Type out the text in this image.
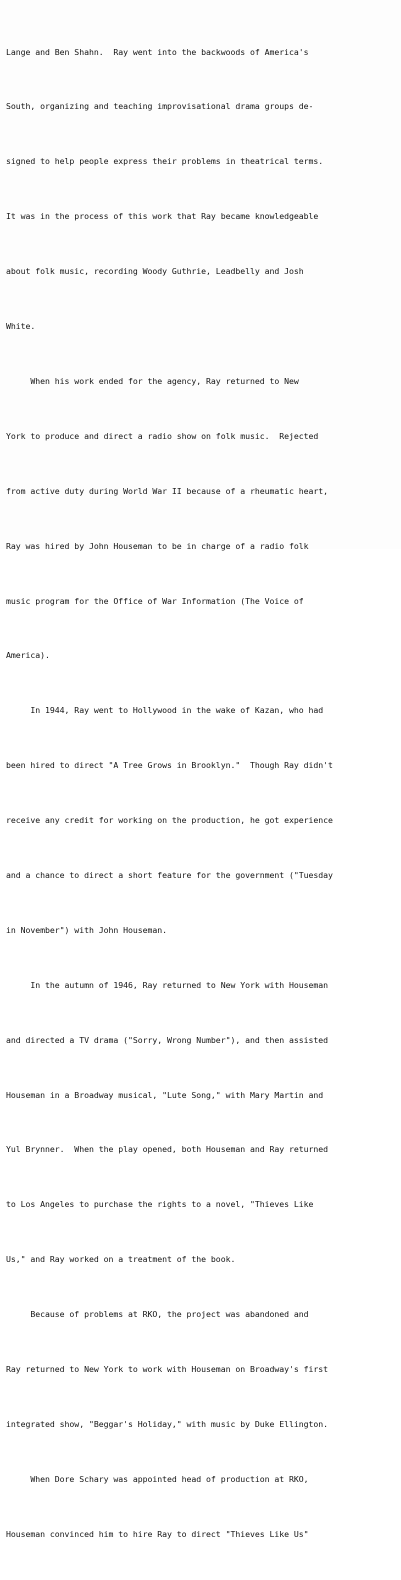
Lange and Ben Shahn.  Ray went into the backwoods of America's

South, organizing and teaching improvisational drama groups de-

signed to help people express their problems in theatrical terms.

It was in the process of this work that Ray became knowledgeable

about folk music, recording Woody Guthrie, Leadbelly and Josh

White.

When his work ended for the agency, Ray returned to New

York to produce and direct a radio show on folk music.  Rejected

from active duty during World War II because of a rheumatic heart,

Ray was hired by John Houseman to be in charge of a radio folk

music program for the Office of War Information (The Voice of

America).

In 1944, Ray went to Hollywood in the wake of Kazan, who had

been hired to direct "A Tree Grows in Brooklyn."  Though Ray didn't

receive any credit for working on the production, he got experience

and a chance to direct a short feature for the government ("Tuesday

in November") with John Houseman.

In the autumn of 1946, Ray returned to New York with Houseman

and directed a TV drama ("Sorry, Wrong Number"), and then assisted

Houseman in a Broadway musical, "Lute Song," with Mary Martin and

Yul Brynner.  When the play opened, both Houseman and Ray returned

to Los Angeles to purchase the rights to a novel, "Thieves Like

Us," and Ray worked on a treatment of the book.

Because of problems at RKO, the project was abandoned and

Ray returned to New York to work with Houseman on Broadway's first

integrated show, "Beggar's Holiday," with music by Duke Ellington.

When Dore Schary was appointed head of production at RKO,

Houseman convinced him to hire Ray to direct "Thieves Like Us"
